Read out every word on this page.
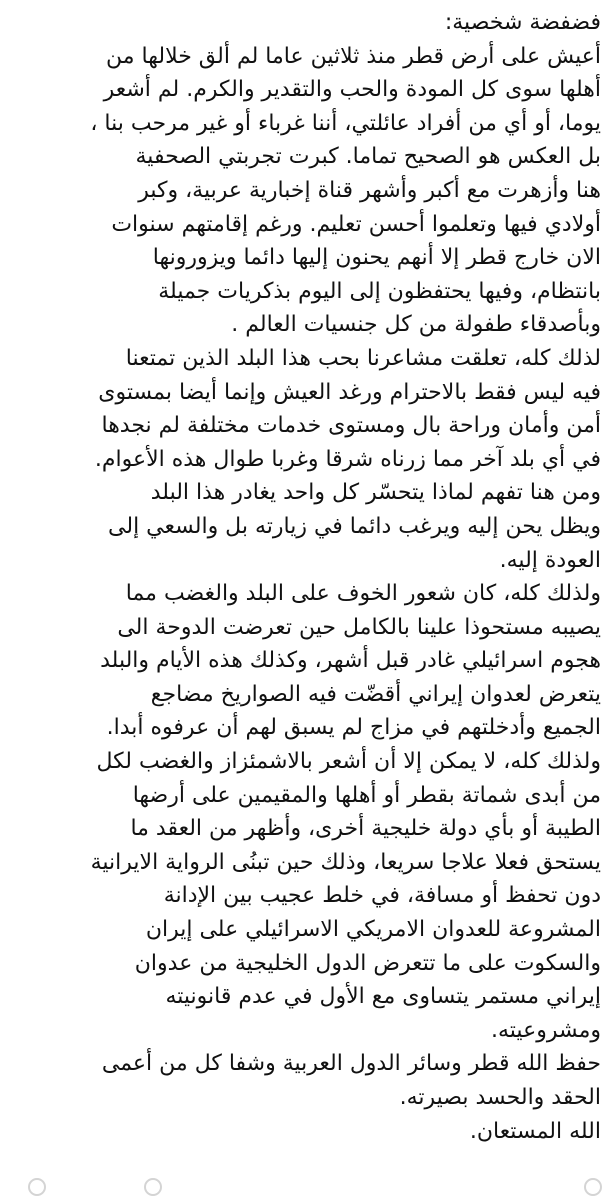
فضفضة شخصية:
أعيش على أرض قطر منذ ثلاثين عاما لم ألق خلالها من
أهلها سوى كل المودة والحب والتقدير والكرم. لم أشعر
يوما، أو أي من أفراد عائلتي، أننا غرباء أو غير مرحب بنا ،
بل العكس هو الصحيح تماما. كبرت تجربتي الصحفية
هنا وأزهرت مع أكبر وأشهر قناة إخبارية عربية، وكبر
أولادي فيها وتعلموا أحسن تعليم. ورغم إقامتهم سنوات
الان خارج قطر إلا أنهم يحنون إليها دائما ويزورونها
بانتظام، وفيها يحتفظون إلى اليوم بذكريات جميلة
وبأصدقاء طفولة من كل جنسيات العالم .
لذلك كله، تعلقت مشاعرنا بحب هذا البلد الذين تمتعنا
فيه ليس فقط بالاحترام ورغد العيش وإنما أيضا بمستوى
أمن وأمان وراحة بال ومستوى خدمات مختلفة لم نجدها
في أي بلد آخر مما زرناه شرقا وغربا طوال هذه الأعوام.
ومن هنا تفهم لماذا يتحسّر كل واحد يغادر هذا البلد
ويظل يحن إليه ويرغب دائما في زيارته بل والسعي إلى
العودة إليه.
ولذلك كله، كان شعور الخوف على البلد والغضب مما
يصيبه مستحوذا علينا بالكامل حين تعرضت الدوحة الى
هجوم اسرائيلي غادر قبل أشهر، وكذلك هذه الأيام والبلد
يتعرض لعدوان إيراني أقضّت فيه الصواريخ مضاجع
الجميع وأدخلتهم في مزاج لم يسبق لهم أن عرفوه أبدا.
ولذلك كله، لا يمكن إلا أن أشعر بالاشمئزاز والغضب لكل
من أبدى شماتة بقطر أو أهلها والمقيمين على أرضها
الطيبة أو بأي دولة خليجية أخرى، وأظهر من العقد ما
يستحق فعلا علاجا سريعا، وذلك حين تبنُى الرواية الايرانية
دون تحفظ أو مسافة، في خلط عجيب بين الإدانة
المشروعة للعدوان الامريكي الاسرائيلي على إيران
والسكوت على ما تتعرض الدول الخليجية من عدوان
إيراني مستمر يتساوى مع الأول في عدم قانونيته
ومشروعيته.
حفظ الله قطر وسائر الدول العربية وشفا كل من أعمى
الحقد والحسد بصيرته.
الله المستعان.
